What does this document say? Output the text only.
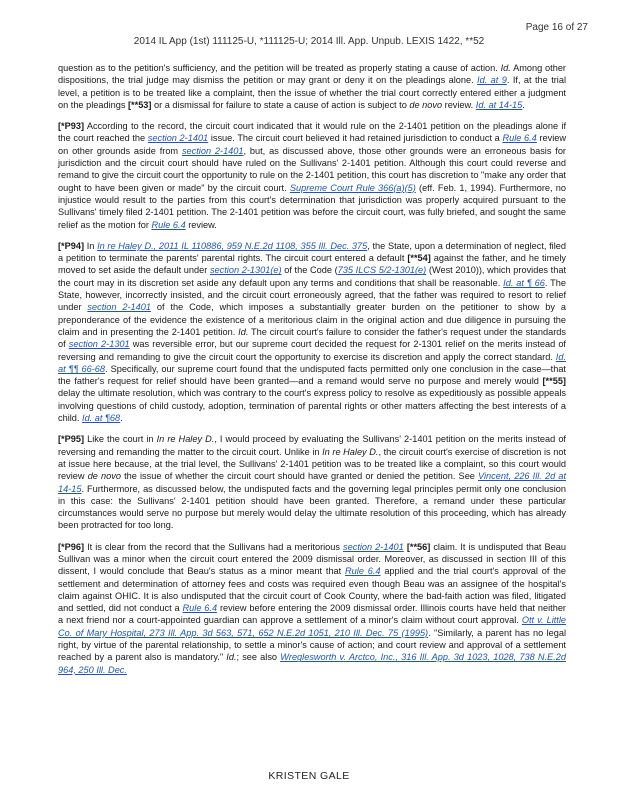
Page 16 of 27
2014 IL App (1st) 111125-U, *111125-U; 2014 Ill. App. Unpub. LEXIS 1422, **52

question as to the petition's sufficiency, and the petition will be treated as properly stating a cause of action. Id. Among other dispositions, the trial judge may dismiss the petition or may grant or deny it on the pleadings alone. Id. at 9. If, at the trial level, a petition is to be treated like a complaint, then the issue of whether the trial court correctly entered either a judgment on the pleadings [**53] or a dismissal for failure to state a cause of action is subject to de novo review. Id. at 14-15.

[*P93] According to the record, the circuit court indicated that it would rule on the 2-1401 petition on the pleadings alone if the court reached the section 2-1401 issue. The circuit court believed it had retained jurisdiction to conduct a Rule 6.4 review on other grounds aside from section 2-1401, but, as discussed above, those other grounds were an erroneous basis for jurisdiction and the circuit court should have ruled on the Sullivans' 2-1401 petition. Although this court could reverse and remand to give the circuit court the opportunity to rule on the 2-1401 petition, this court has discretion to "make any order that ought to have been given or made" by the circuit court. Supreme Court Rule 366(a)(5) (eff. Feb. 1, 1994). Furthermore, no injustice would result to the parties from this court's determination that jurisdiction was properly acquired pursuant to the Sullivans' timely filed 2-1401 petition. The 2-1401 petition was before the circuit court, was fully briefed, and sought the same relief as the motion for Rule 6.4 review.

[*P94] In In re Haley D., 2011 IL 110886, 959 N.E.2d 1108, 355 Ill. Dec. 375, the State, upon a determination of neglect, filed a petition to terminate the parents' parental rights. The circuit court entered a default [**54] against the father, and he timely moved to set aside the default under section 2-1301(e) of the Code (735 ILCS 5/2-1301(e) (West 2010)), which provides that the court may in its discretion set aside any default upon any terms and conditions that shall be reasonable. Id. at ¶ 66. The State, however, incorrectly insisted, and the circuit court erroneously agreed, that the father was required to resort to relief under section 2-1401 of the Code, which imposes a substantially greater burden on the petitioner to show by a preponderance of the evidence the existence of a meritorious claim in the original action and due diligence in pursuing the claim and in presenting the 2-1401 petition. Id. The circuit court's failure to consider the father's request under the standards of section 2-1301 was reversible error, but our supreme court decided the request for 2-1301 relief on the merits instead of reversing and remanding to give the circuit court the opportunity to exercise its discretion and apply the correct standard. Id. at ¶¶ 66-68. Specifically, our supreme court found that the undisputed facts permitted only one conclusion in the case—that the father's request for relief should have been granted—and a remand would serve no purpose and merely would [**55] delay the ultimate resolution, which was contrary to the court's express policy to resolve as expeditiously as possible appeals involving questions of child custody, adoption, termination of parental rights or other matters affecting the best interests of a child. Id. at ¶68.

[*P95] Like the court in In re Haley D., I would proceed by evaluating the Sullivans' 2-1401 petition on the merits instead of reversing and remanding the matter to the circuit court. Unlike in In re Haley D., the circuit court's exercise of discretion is not at issue here because, at the trial level, the Sullivans' 2-1401 petition was to be treated like a complaint, so this court would review de novo the issue of whether the circuit court should have granted or denied the petition. See Vincent, 226 Ill. 2d at 14-15. Furthermore, as discussed below, the undisputed facts and the governing legal principles permit only one conclusion in this case: the Sullivans' 2-1401 petition should have been granted. Therefore, a remand under these particular circumstances would serve no purpose but merely would delay the ultimate resolution of this proceeding, which has already been protracted for too long.

[*P96] It is clear from the record that the Sullivans had a meritorious section 2-1401 [**56] claim. It is undisputed that Beau Sullivan was a minor when the circuit court entered the 2009 dismissal order. Moreover, as discussed in section III of this dissent, I would conclude that Beau's status as a minor meant that Rule 6.4 applied and the trial court's approval of the settlement and determination of attorney fees and costs was required even though Beau was an assignee of the hospital's claim against OHIC. It is also undisputed that the circuit court of Cook County, where the bad-faith action was filed, litigated and settled, did not conduct a Rule 6.4 review before entering the 2009 dismissal order. Illinois courts have held that neither a next friend nor a court-appointed guardian can approve a settlement of a minor's claim without court approval. Ott v. Little Co. of Mary Hospital, 273 Ill. App. 3d 563, 571, 652 N.E.2d 1051, 210 Ill. Dec. 75 (1995). "Similarly, a parent has no legal right, by virtue of the parental relationship, to settle a minor's cause of action; and court review and approval of a settlement reached by a parent also is mandatory." Id.; see also Wreglesworth v. Arctco, Inc., 316 Ill. App. 3d 1023, 1028, 738 N.E.2d 964, 250 Ill. Dec.

KRISTEN GALE
